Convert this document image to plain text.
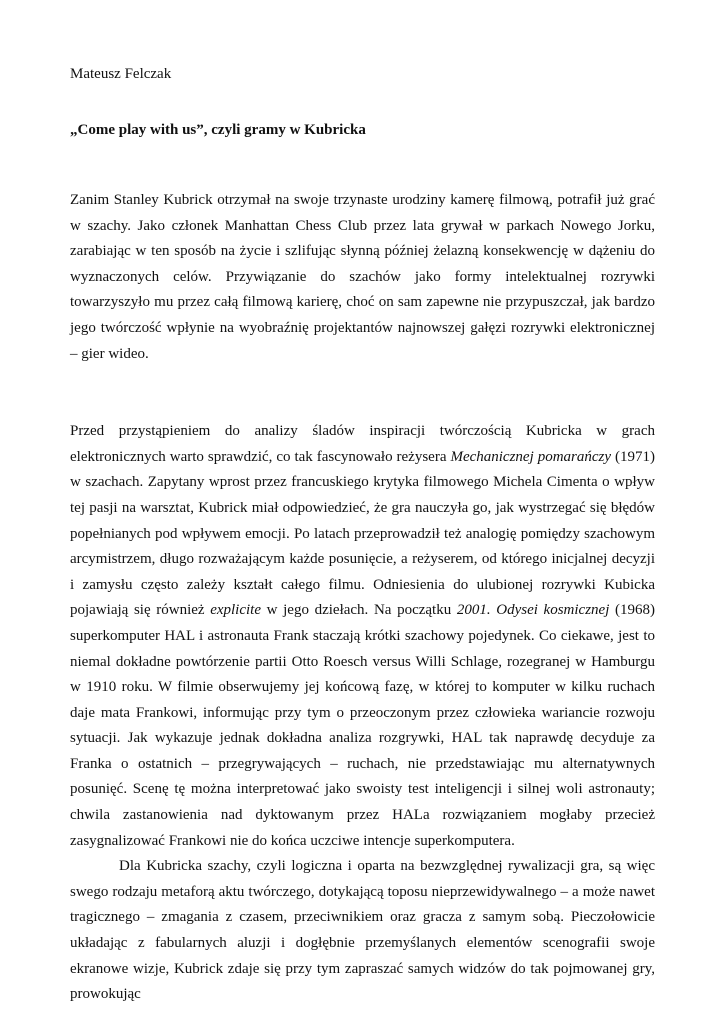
Mateusz Felczak

„Come play with us”, czyli gramy w Kubricka

Zanim Stanley Kubrick otrzymał na swoje trzynaste urodziny kamerę filmową, potrafił już grać w szachy. Jako członek Manhattan Chess Club przez lata grywał w parkach Nowego Jorku, zarabiając w ten sposób na życie i szlifując słynną później żelazną konsekwencję w dążeniu do wyznaczonych celów. Przywiązanie do szachów jako formy intelektualnej rozrywki towarzyszyło mu przez całą filmową karierę, choć on sam zapewne nie przypuszczał, jak bardzo jego twórczość wpłynie na wyobraźnię projektantów najnowszej gałęzi rozrywki elektronicznej – gier wideo.

Przed przystąpieniem do analizy śladów inspiracji twórczością Kubricka w grach elektronicznych warto sprawdzić, co tak fascynowało reżysera Mechanicznej pomarańczy (1971) w szachach. Zapytany wprost przez francuskiego krytyka filmowego Michela Cimenta o wpływ tej pasji na warsztat, Kubrick miał odpowiedzieć, że gra nauczyła go, jak wystrzegać się błędów popełnianych pod wpływem emocji. Po latach przeprowadził też analogię pomiędzy szachowym arcymistrzem, długo rozważającym każde posunięcie, a reżyserem, od którego inicjalnej decyzji i zamysłu często zależy kształt całego filmu. Odniesienia do ulubionej rozrywki Kubicka pojawiają się również explicite w jego dziełach. Na początku 2001. Odysei kosmicznej (1968) superkomputer HAL i astronauta Frank staczają krótki szachowy pojedynek. Co ciekawe, jest to niemal dokładne powtórzenie partii Otto Roesch versus Willi Schlage, rozegranej w Hamburgu w 1910 roku. W filmie obserwujemy jej końcową fazę, w której to komputer w kilku ruchach daje mata Frankowi, informując przy tym o przeoczonym przez człowieka wariancie rozwoju sytuacji. Jak wykazuje jednak dokładna analiza rozgrywki, HAL tak naprawdę decyduje za Franka o ostatnich – przegrywających – ruchach, nie przedstawiając mu alternatywnych posunięć. Scenę tę można interpretować jako swoisty test inteligencji i silnej woli astronauty; chwila zastanowienia nad dyktowanym przez HALa rozwiązaniem mogłaby przecież zasygnalizować Frankowi nie do końca uczciwe intencje superkomputera.

Dla Kubricka szachy, czyli logiczna i oparta na bezwzględnej rywalizacji gra, są więc swego rodzaju metaforą aktu twórczego, dotykającą toposu nieprzewidywalnego – a może nawet tragicznego – zmagania z czasem, przeciwnikiem oraz gracza z samym sobą. Pieczołowicie układając z fabularnych aluzji i dogłębnie przemyślanych elementów scenografii swoje ekranowe wizje, Kubrick zdaje się przy tym zapraszać samych widzów do tak pojmowanej gry, prowokując
